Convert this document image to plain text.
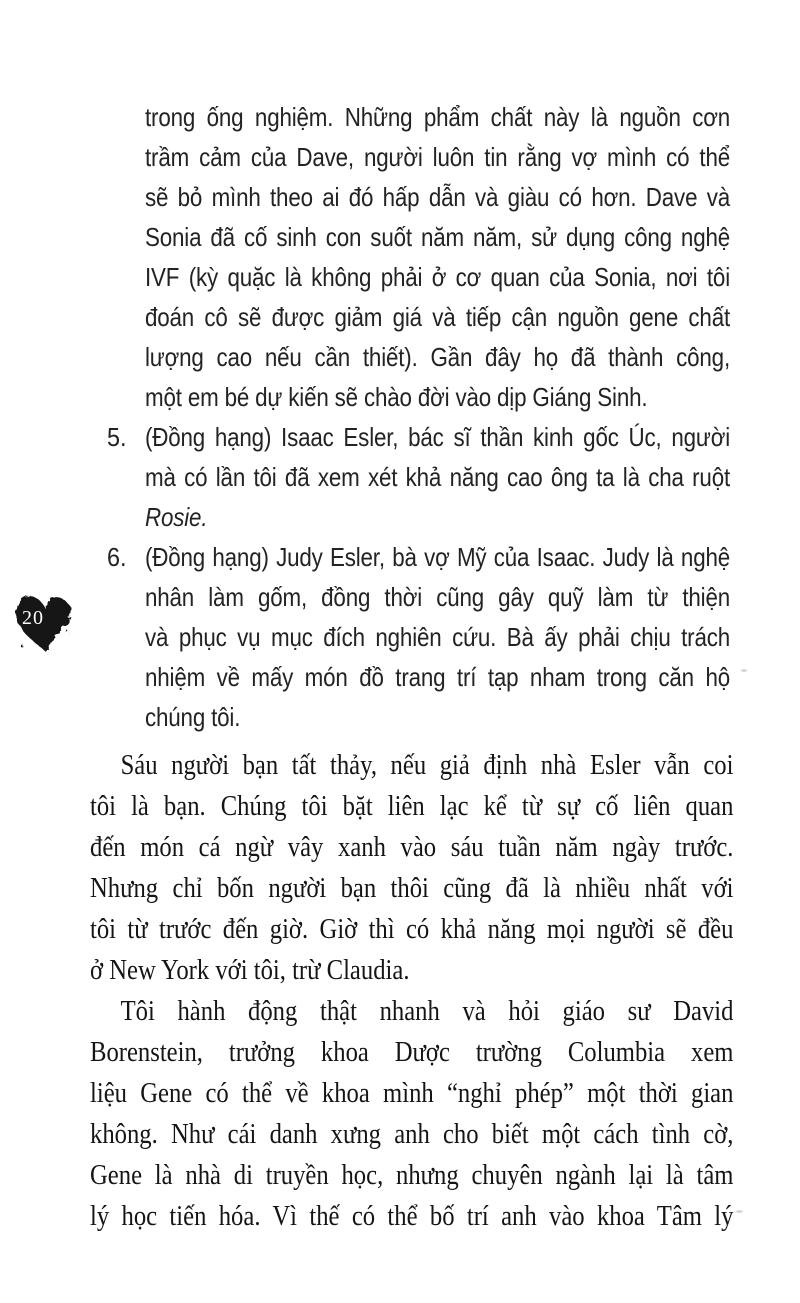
trong ống nghiệm. Những phẩm chất này là nguồn cơn
trầm cảm của Dave, người luôn tin rằng vợ mình có thể
sẽ bỏ mình theo ai đó hấp dẫn và giàu có hơn. Dave và
Sonia đã cố sinh con suốt năm năm, sử dụng công nghệ
IVF (kỳ quặc là không phải ở cơ quan của Sonia, nơi tôi
đoán cô sẽ được giảm giá và tiếp cận nguồn gene chất
lượng cao nếu cần thiết). Gần đây họ đã thành công,
một em bé dự kiến sẽ chào đời vào dịp Giáng Sinh.
5. (Đồng hạng) Isaac Esler, bác sĩ thần kinh gốc Úc, người
mà có lần tôi đã xem xét khả năng cao ông ta là cha ruột
Rosie.
6. (Đồng hạng) Judy Esler, bà vợ Mỹ của Isaac. Judy là nghệ
nhân làm gốm, đồng thời cũng gây quỹ làm từ thiện
và phục vụ mục đích nghiên cứu. Bà ấy phải chịu trách
nhiệm về mấy món đồ trang trí tạp nham trong căn hộ
chúng tôi.
Sáu người bạn tất thảy, nếu giả định nhà Esler vẫn coi
tôi là bạn. Chúng tôi bặt liên lạc kể từ sự cố liên quan
đến món cá ngừ vây xanh vào sáu tuần năm ngày trước.
Nhưng chỉ bốn người bạn thôi cũng đã là nhiều nhất với
tôi từ trước đến giờ. Giờ thì có khả năng mọi người sẽ đều
ở New York với tôi, trừ Claudia.
Tôi hành động thật nhanh và hỏi giáo sư David
Borenstein, trưởng khoa Dược trường Columbia xem
liệu Gene có thể về khoa mình “nghỉ phép” một thời gian
không. Như cái danh xưng anh cho biết một cách tình cờ,
Gene là nhà di truyền học, nhưng chuyên ngành lại là tâm
lý học tiến hóa. Vì thế có thể bố trí anh vào khoa Tâm lý
20
